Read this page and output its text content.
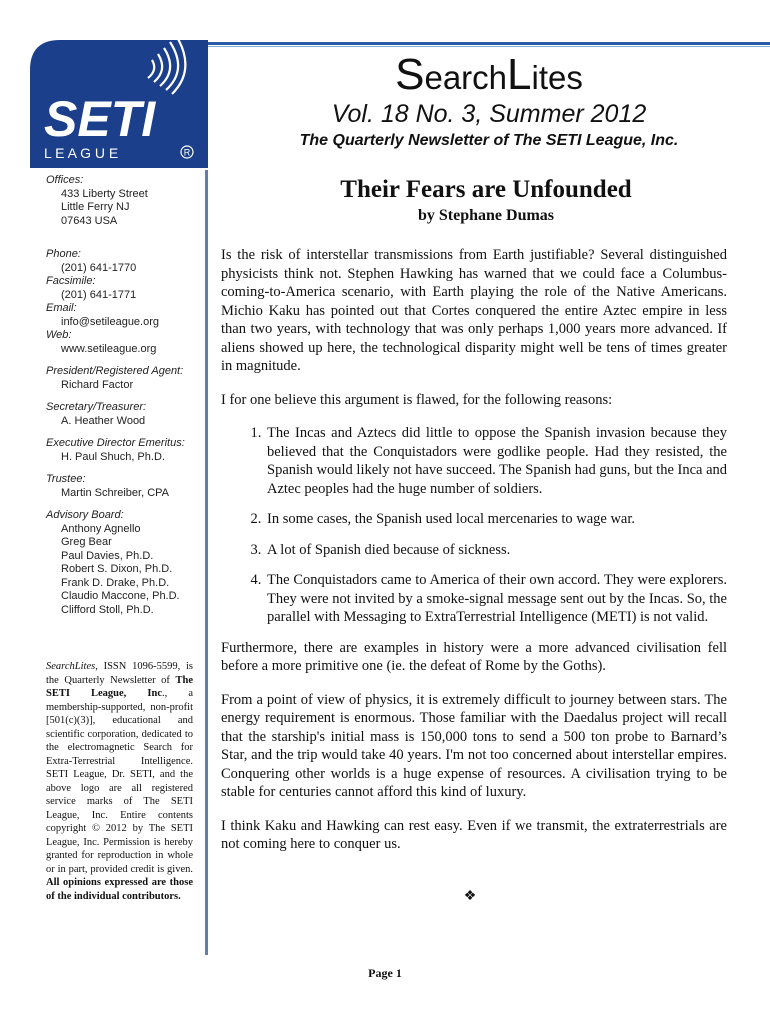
SETI
L E A G U E	R
SearchLites
Vol. 18 No. 3, Summer 2012
The Quarterly Newsletter of The SETI League, Inc.
Offices:
433 Liberty Street
Little Ferry NJ
07643 USA
Phone:
(201) 641-1770
Facsimile:
(201) 641-1771
Email:
info@setileague.org
Web:
www.setileague.org
President/Registered Agent:
Richard Factor
Secretary/Treasurer:
A. Heather Wood
Executive Director Emeritus:
H. Paul Shuch, Ph.D.
Trustee:
Martin Schreiber, CPA
Advisory Board:
Anthony Agnello
Greg Bear
Paul Davies, Ph.D.
Robert S. Dixon, Ph.D.
Frank D. Drake, Ph.D.
Claudio Maccone, Ph.D.
Clifford Stoll, Ph.D.
SearchLites, ISSN 1096-5599, is the Quarterly Newsletter of The SETI League, Inc., a membership-supported, non-profit [501(c)(3)], educational and scientific corporation, dedicated to the electromagnetic Search for Extra-Terrestrial Intelligence. SETI League, Dr. SETI, and the above logo are all registered service marks of The SETI League, Inc. Entire contents copyright © 2012 by The SETI League, Inc. Permission is hereby granted for reproduction in whole or in part, provided credit is given. All opinions expressed are those of the individual contributors.
Their Fears are Unfounded
by Stephane Dumas

Is the risk of interstellar transmissions from Earth justifiable? Several distinguished physicists think not. Stephen Hawking has warned that we could face a Columbus-coming-to-America scenario, with Earth playing the role of the Native Americans. Michio Kaku has pointed out that Cortes conquered the entire Aztec empire in less than two years, with technology that was only perhaps 1,000 years more advanced. If aliens showed up here, the technological disparity might well be tens of times greater in magnitude.

I for one believe this argument is flawed, for the following reasons:

1. The Incas and Aztecs did little to oppose the Spanish invasion because they believed that the Conquistadors were godlike people. Had they resisted, the Spanish would likely not have succeed. The Spanish had guns, but the Inca and Aztec peoples had the huge number of soldiers.
2. In some cases, the Spanish used local mercenaries to wage war.
3. A lot of Spanish died because of sickness.
4. The Conquistadors came to America of their own accord. They were explorers. They were not invited by a smoke-signal message sent out by the Incas. So, the parallel with Messaging to ExtraTerrestrial Intelligence (METI) is not valid.

Furthermore, there are examples in history were a more advanced civilisation fell before a more primitive one (ie. the defeat of Rome by the Goths).

From a point of view of physics, it is extremely difficult to journey between stars. The energy requirement is enormous. Those familiar with the Daedalus project will recall that the starship's initial mass is 150,000 tons to send a 500 ton probe to Barnard’s Star, and the trip would take 40 years. I'm not too concerned about interstellar empires. Conquering other worlds is a huge expense of resources. A civilisation trying to be stable for centuries cannot afford this kind of luxury.

I think Kaku and Hawking can rest easy. Even if we transmit, the extraterrestrials are not coming here to conquer us.

❖
Page 1
